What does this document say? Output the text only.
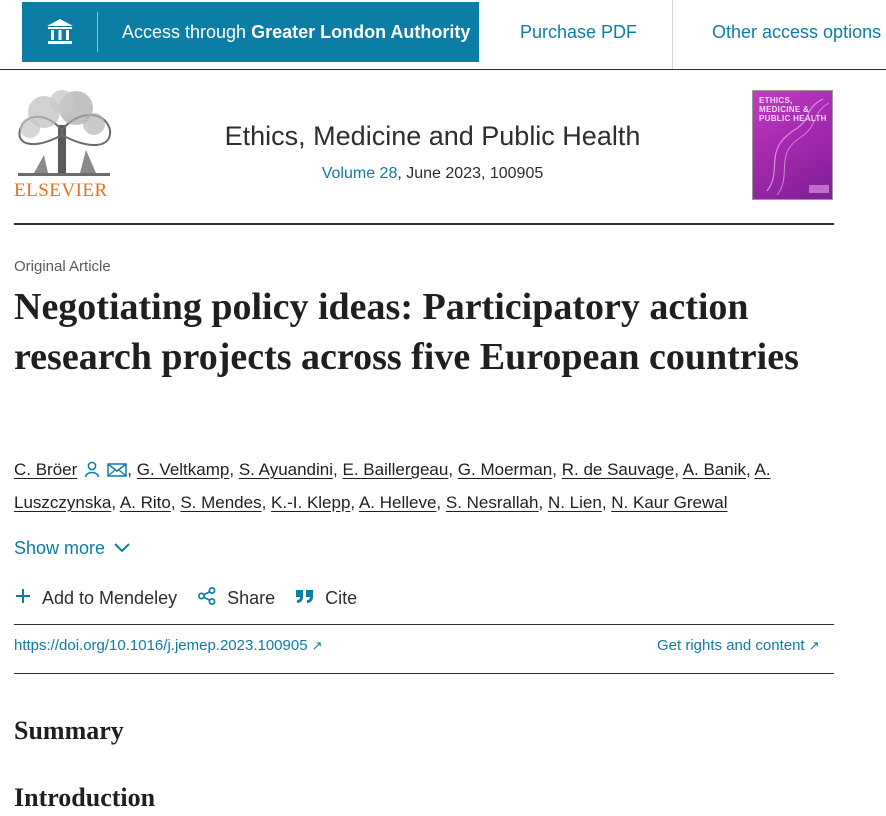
Access through Greater London Authority	Purchase PDF	Other access options
ELSEVIER
Ethics, Medicine and Public Health
Volume 28, June 2023, 100905
ETHICS, MEDICINE & PUBLIC HEALTH
Original Article
Negotiating policy ideas: Participatory action research projects across five European countries
C. Bröer	, G. Veltkamp, S. Ayuandini, E. Baillergeau, G. Moerman, R. de Sauvage, A. Banik, A. Luszczynska, A. Rito, S. Mendes, K.-I. Klepp, A. Helleve, S. Nesrallah, N. Lien, N. Kaur Grewal
Show more
Add to Mendeley	Share	Cite
https://doi.org/10.1016/j.jemep.2023.100905 ↗	Get rights and content ↗
Summary
Introduction
